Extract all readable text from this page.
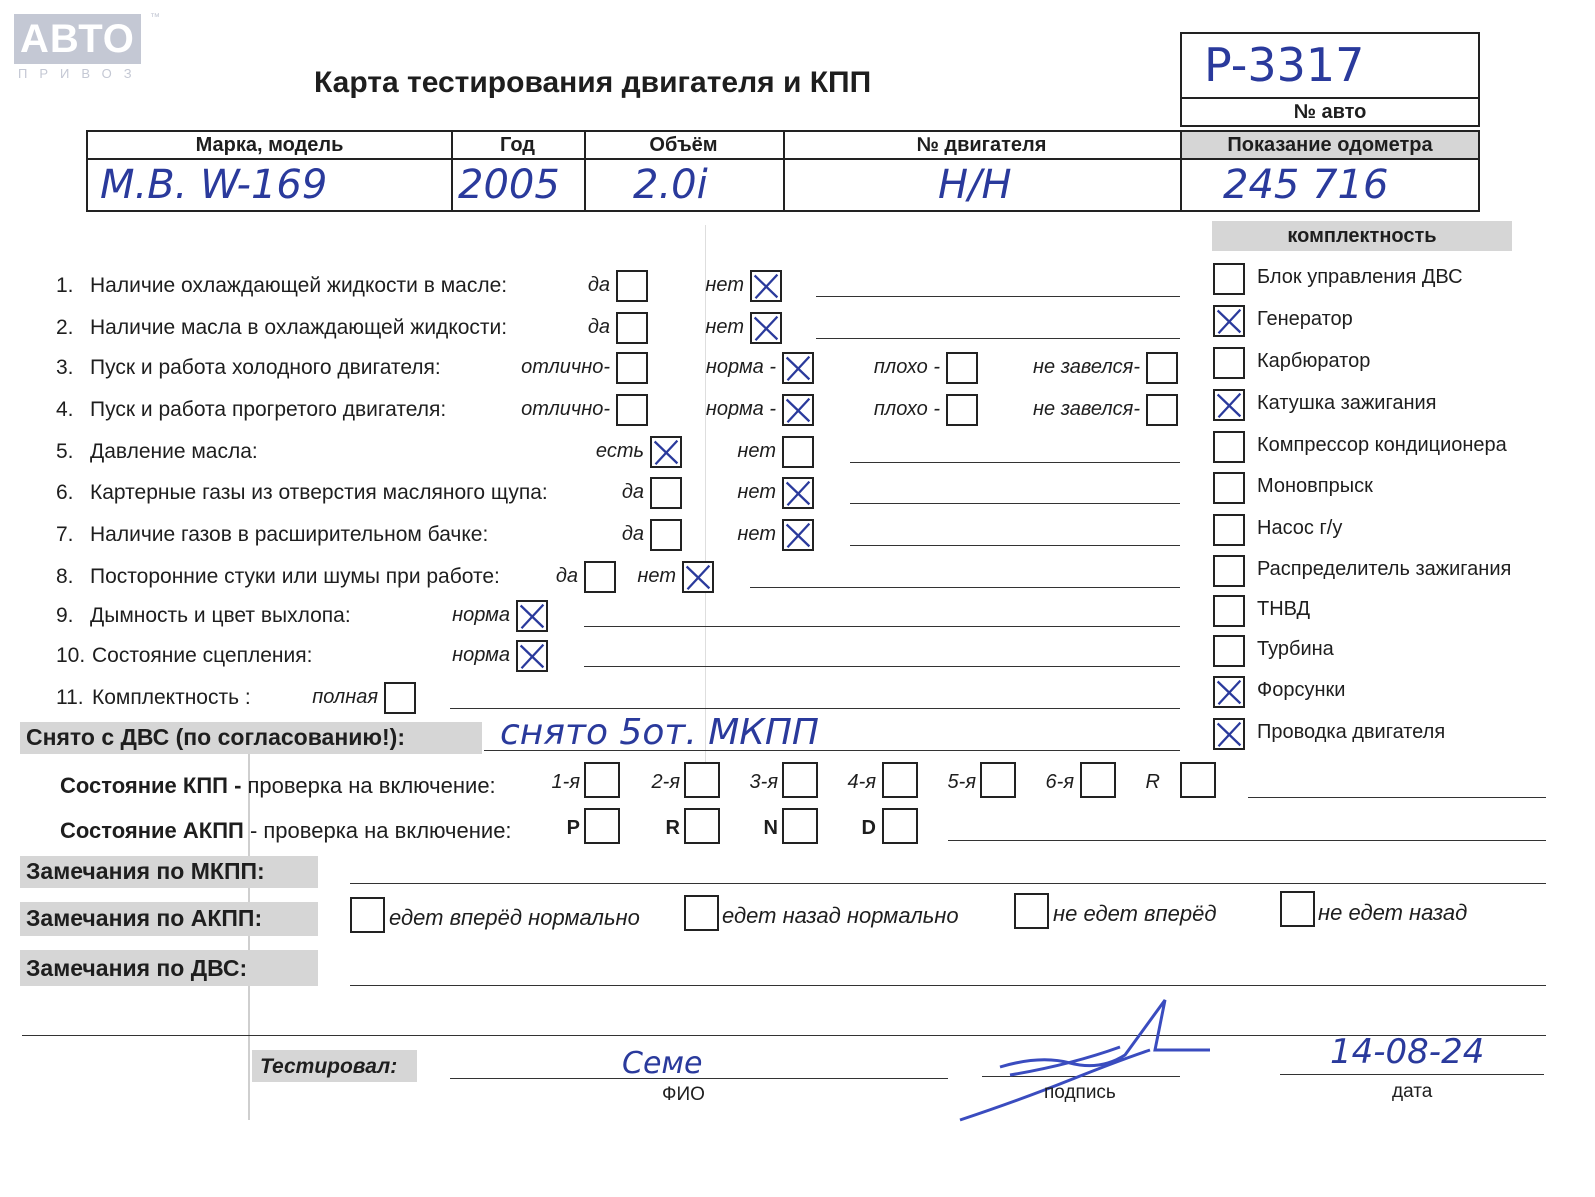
АВТО	™
ПРИВОЗ	Карта тестирования двигателя и КПП	P-3317
№ авто
Марка, модель	Год	Объём	№ двигателя	Показание одометра
M.B. W-169	2005 2.0i	H/H	245 716
комплектность
Блок управления ДВС
Генератор
Карбюратор
Катушка зажигания
Компрессор кондиционера
Моновпрыск
Насос г/у
Распределитель зажигания
ТНВД
Турбина
Форсунки
Проводка двигателя
1. Наличие охлаждающей жидкости в масле:	да	нет
2. Наличие масла в охлаждающей жидкости:	да	нет
3. Пуск и работа холодного двигателя:	отлично-	норма -	плохо -	не завелся-
4. Пуск и работа прогретого двигателя:	отлично-	норма -	плохо -	не завелся-
5. Давление масла:	есть	нет
6. Картерные газы из отверстия масляного щупа:	да	нет
7. Наличие газов в расширительном бачке:	да	нет
8. Посторонние стуки или шумы при работе:	да	нет
9. Дымность и цвет выхлопа:	норма
10. Состояние сцепления:	норма
11. Комплектность :	полная
Снято с ДВС (по согласованию!):	снято 5от. МКПП
Состояние КПП - проверка на включение:	1-я	2-я	3-я	4-я	5-я	6-я	R
Состояние АКПП - проверка на включение:	P	R	N	D
Замечания по МКПП:
Замечания по АКПП:	едет вперёд нормально	едет назад нормально	не едет вперёд	не едет назад
Замечания по ДВС:
Тестировал:	Семе
ФИО	подпись
14-08-24
дата
